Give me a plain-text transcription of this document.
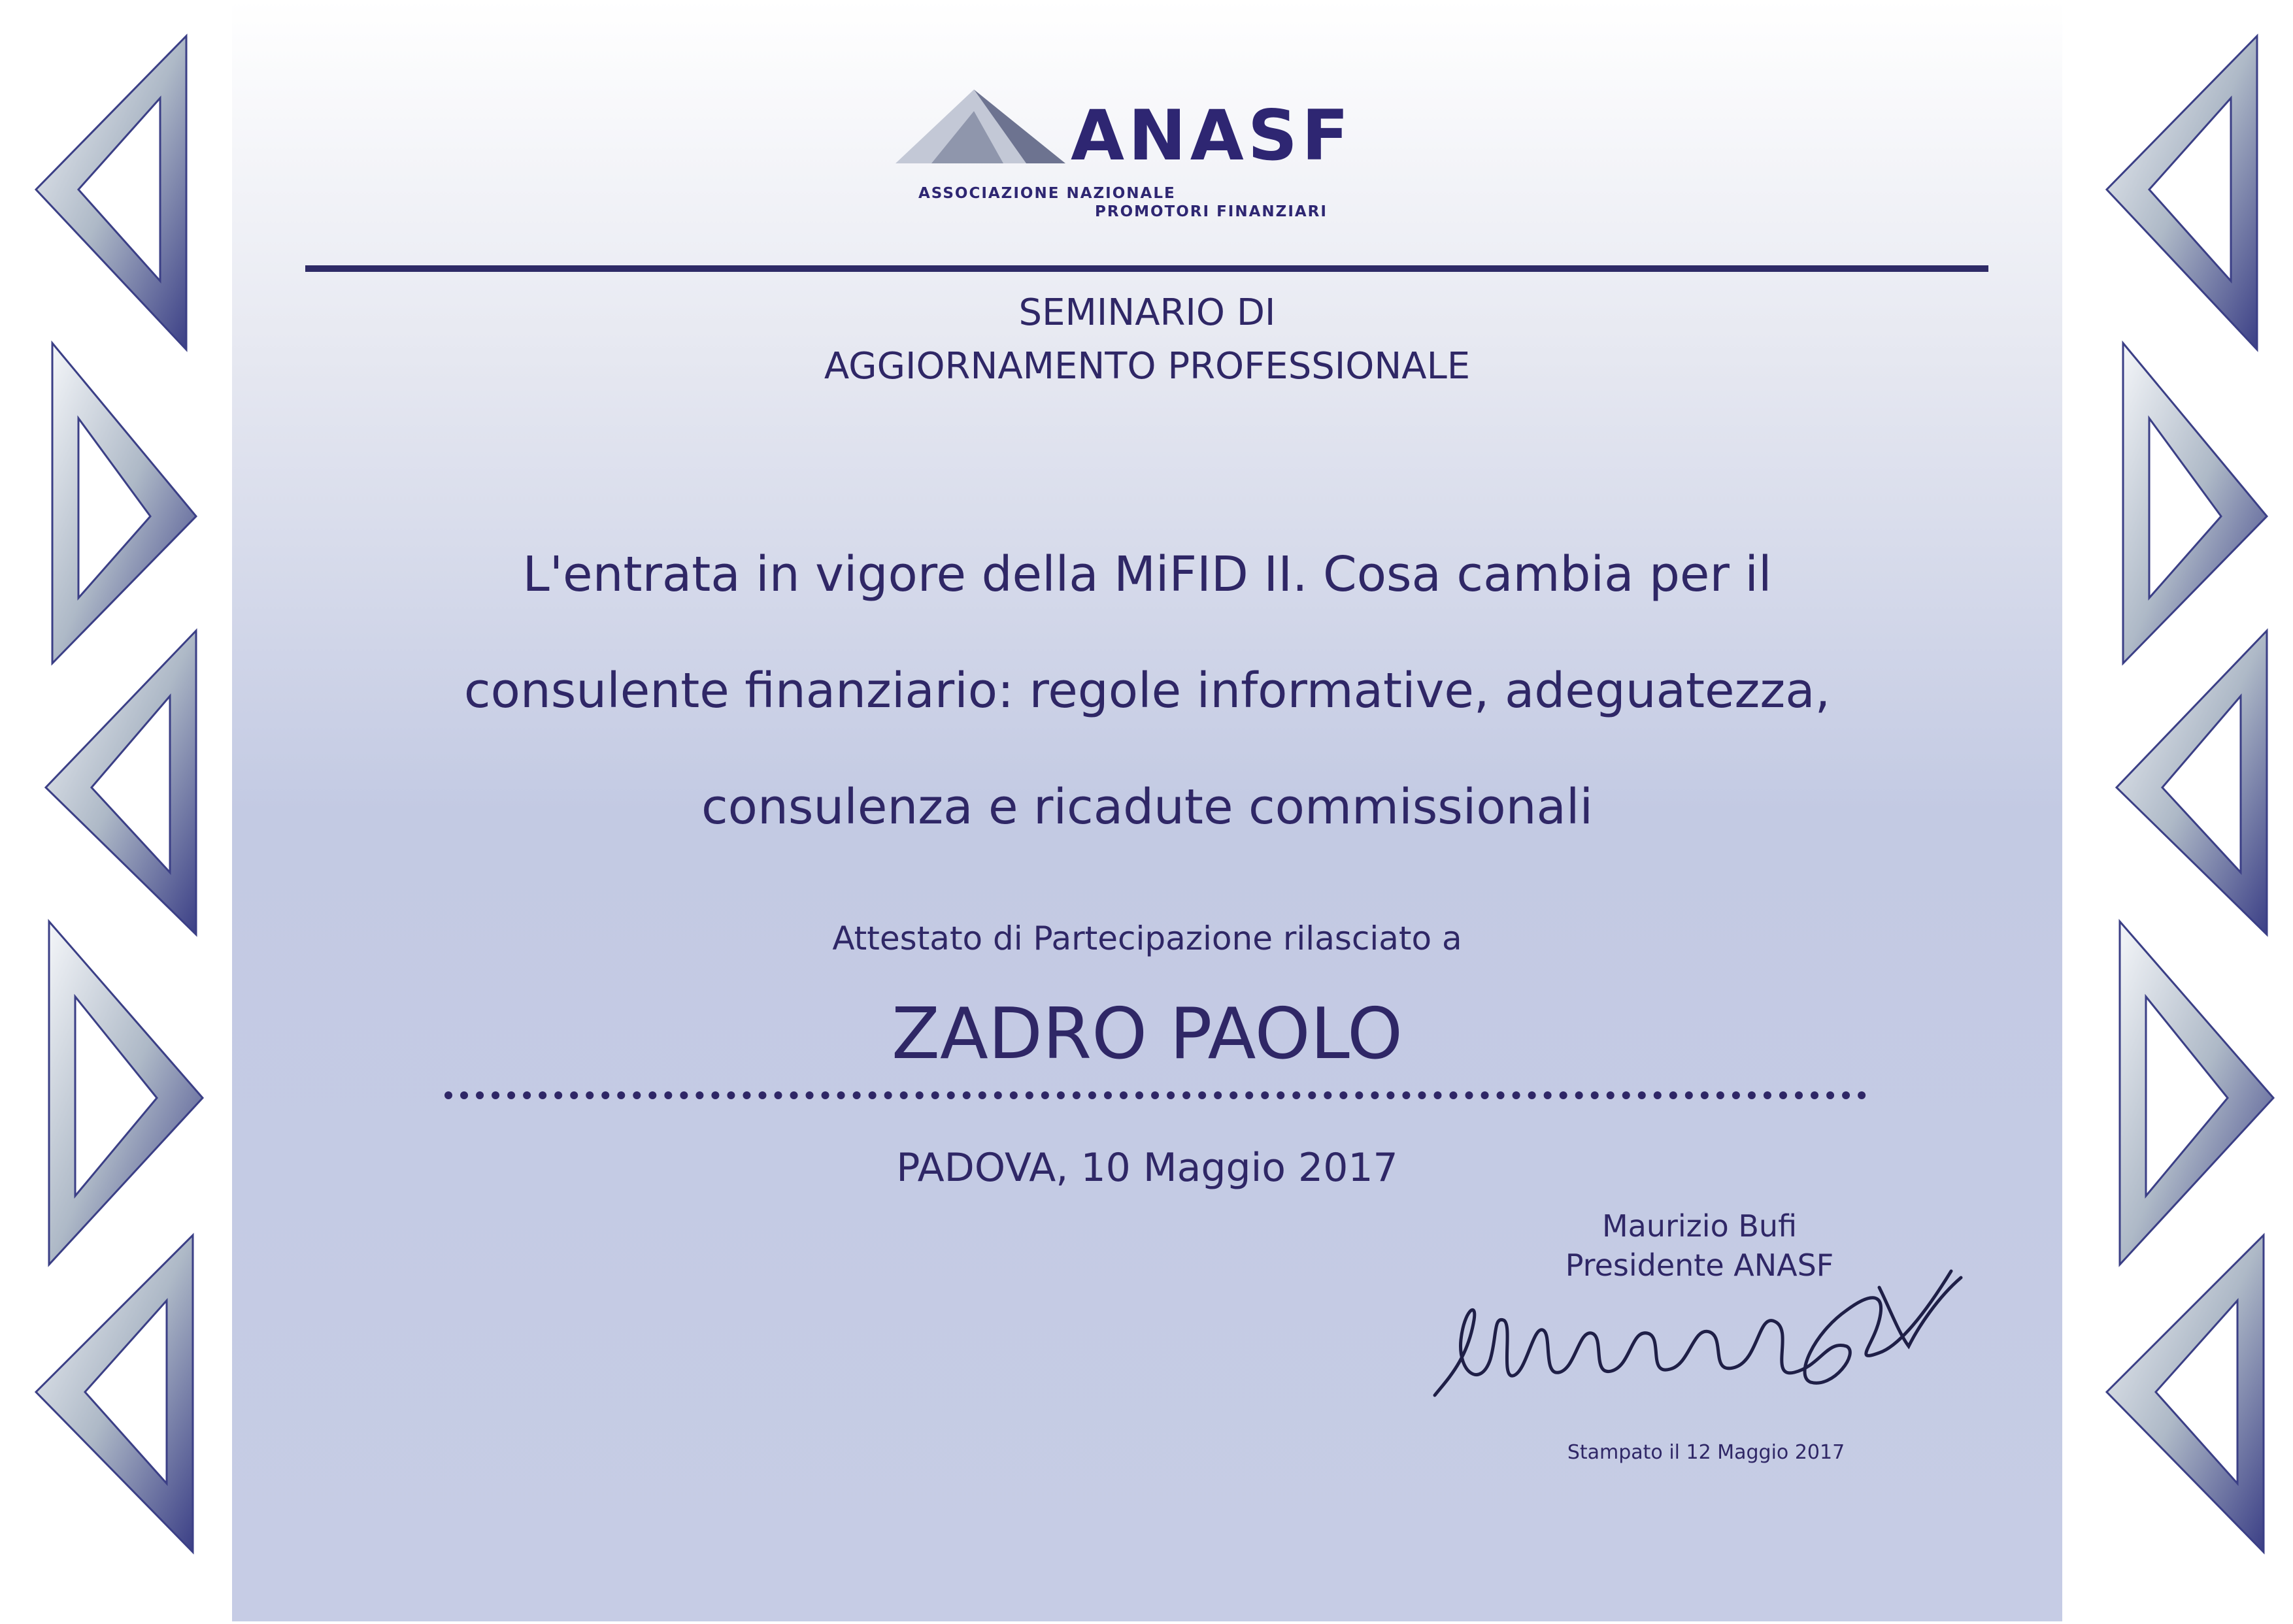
ANASF
ASSOCIAZIONE NAZIONALE
PROMOTORI FINANZIARI
SEMINARIO DI
AGGIORNAMENTO PROFESSIONALE
L'entrata in vigore della MiFID II. Cosa cambia per il
consulente finanziario: regole informative, adeguatezza,
consulenza e ricadute commissionali
Attestato di Partecipazione rilasciato a
ZADRO PAOLO
PADOVA, 10 Maggio 2017
Maurizio Bufi
Presidente ANASF
Stampato il 12 Maggio 2017
